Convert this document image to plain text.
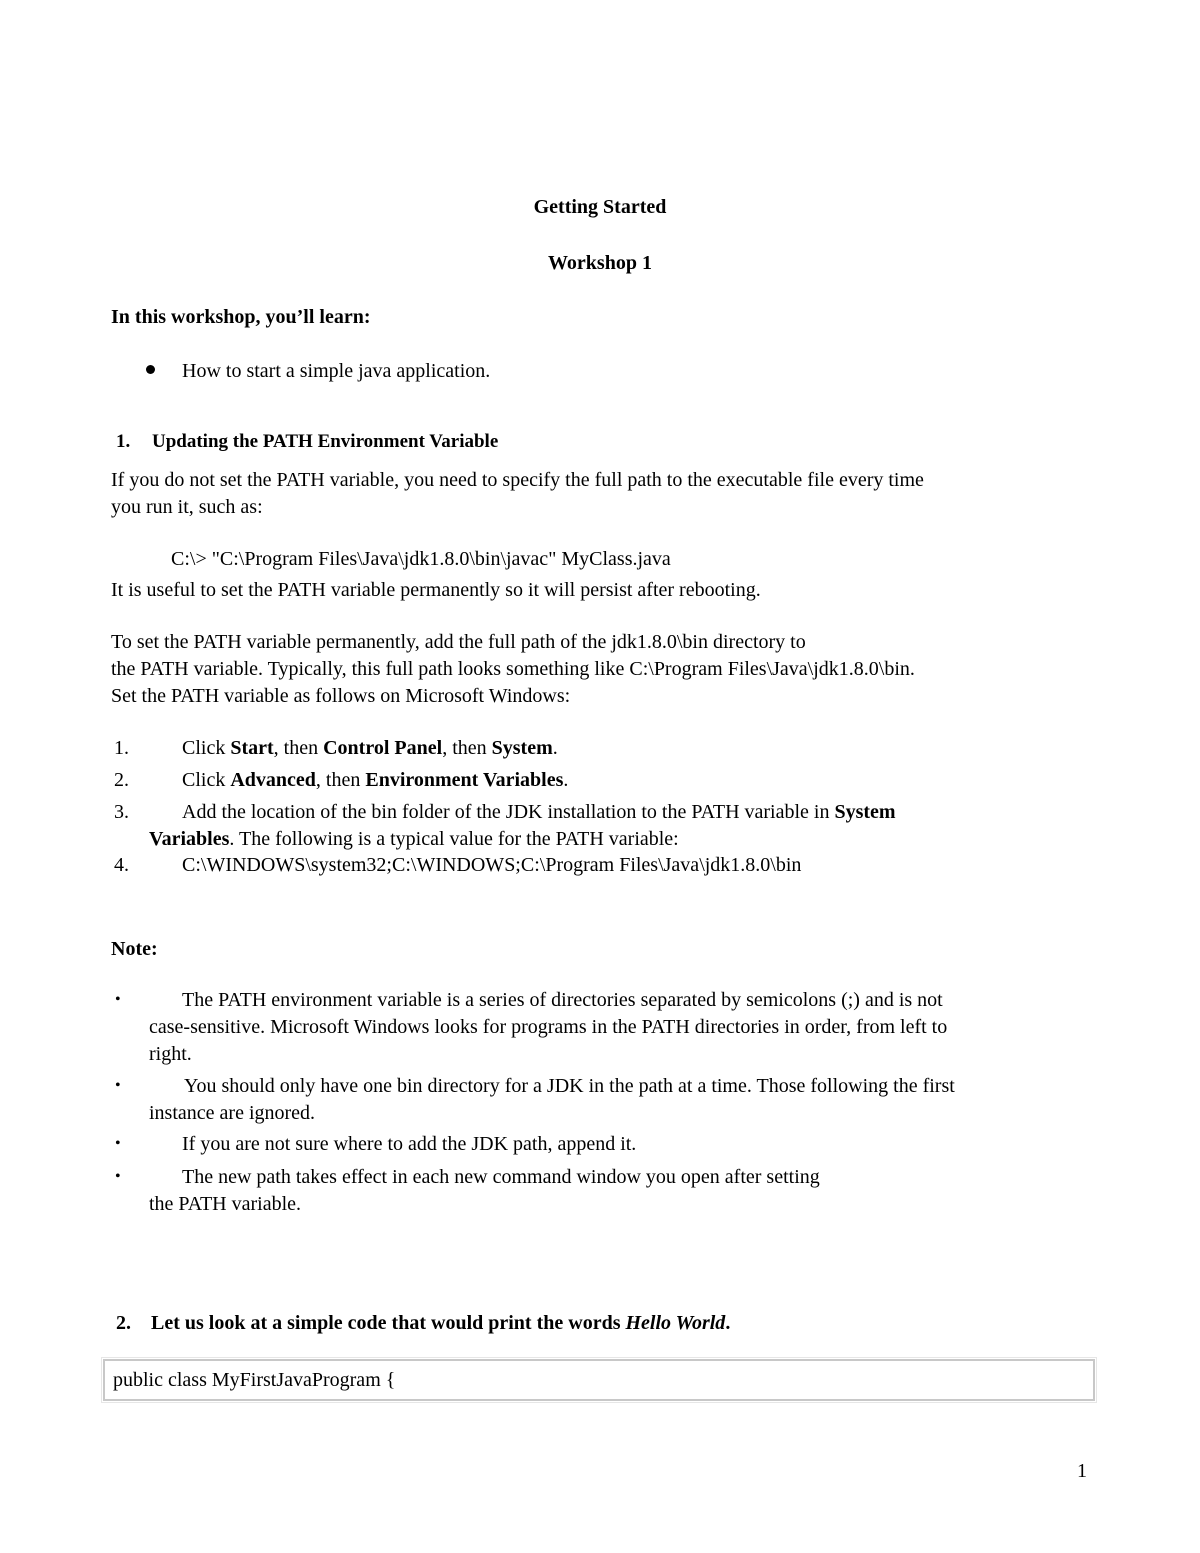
Getting Started
Workshop 1
In this workshop, you’ll learn:
How to start a simple java application.
1. Updating the PATH Environment Variable
If you do not set the PATH variable, you need to specify the full path to the executable file every time
you run it, such as:
C:\> "C:\Program Files\Java\jdk1.8.0\bin\javac" MyClass.java
It is useful to set the PATH variable permanently so it will persist after rebooting.
To set the PATH variable permanently, add the full path of the jdk1.8.0\bin directory to
the PATH variable. Typically, this full path looks something like C:\Program Files\Java\jdk1.8.0\bin.
Set the PATH variable as follows on Microsoft Windows:
1.	Click Start, then Control Panel, then System.
2.	Click Advanced, then Environment Variables.
3.	Add the location of the bin folder of the JDK installation to the PATH variable in System
Variables. The following is a typical value for the PATH variable:
4.	C:\WINDOWS\system32;C:\WINDOWS;C:\Program Files\Java\jdk1.8.0\bin
Note:
•	The PATH environment variable is a series of directories separated by semicolons (;) and is not
case-sensitive. Microsoft Windows looks for programs in the PATH directories in order, from left to
right.
•	You should only have one bin directory for a JDK in the path at a time. Those following the first
instance are ignored.
•	If you are not sure where to add the JDK path, append it.
•	The new path takes effect in each new command window you open after setting
the PATH variable.
2. Let us look at a simple code that would print the words Hello World.
public class MyFirstJavaProgram {
1
